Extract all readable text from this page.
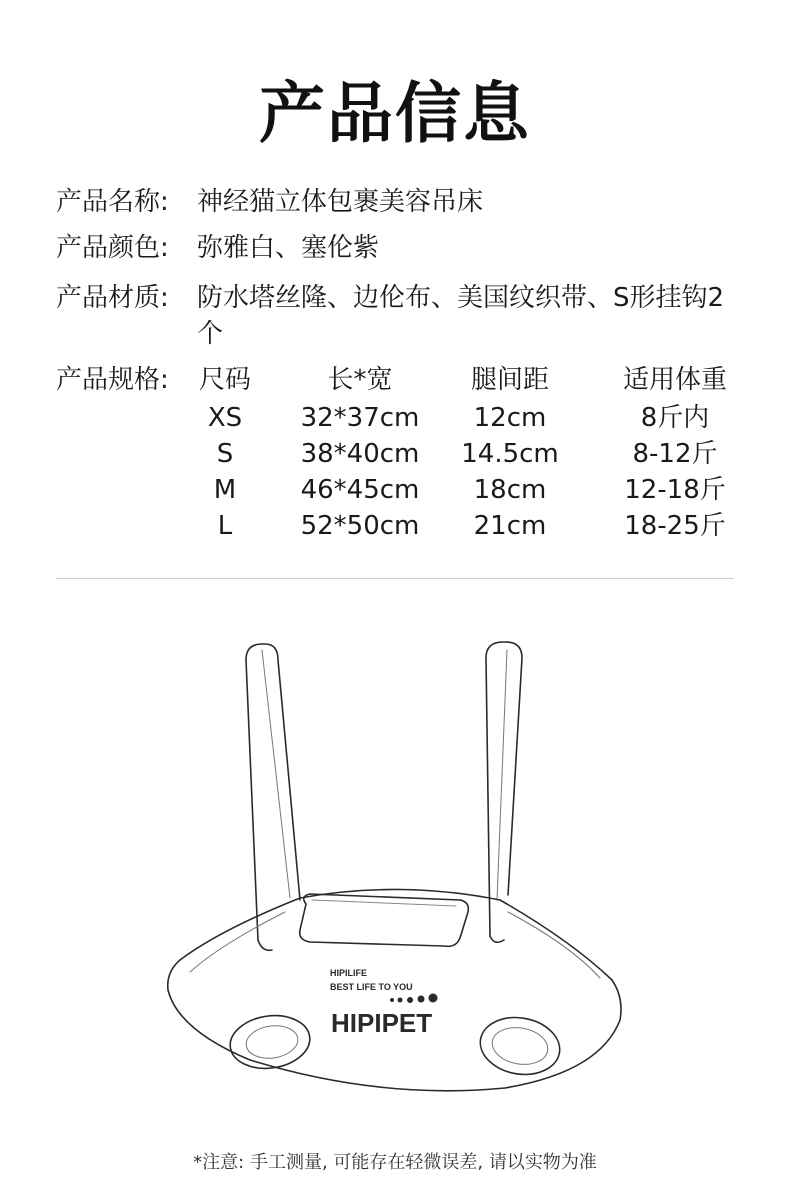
产品信息
产品名称:	神经猫立体包裹美容吊床
产品颜色:	弥雅白、塞伦紫
产品材质:	防水塔丝隆、边伦布、美国纹织带、S形挂钩2个
产品规格:	尺码	长*宽	腿间距	适用体重
XS	32*37cm	12cm	8斤内
S	38*40cm	14.5cm	8-12斤
M	46*45cm	18cm	12-18斤
L	52*50cm	21cm	18-25斤
HIPILIFE
BEST LIFE TO YOU
HIPIPET
*注意: 手工测量, 可能存在轻微误差, 请以实物为准
